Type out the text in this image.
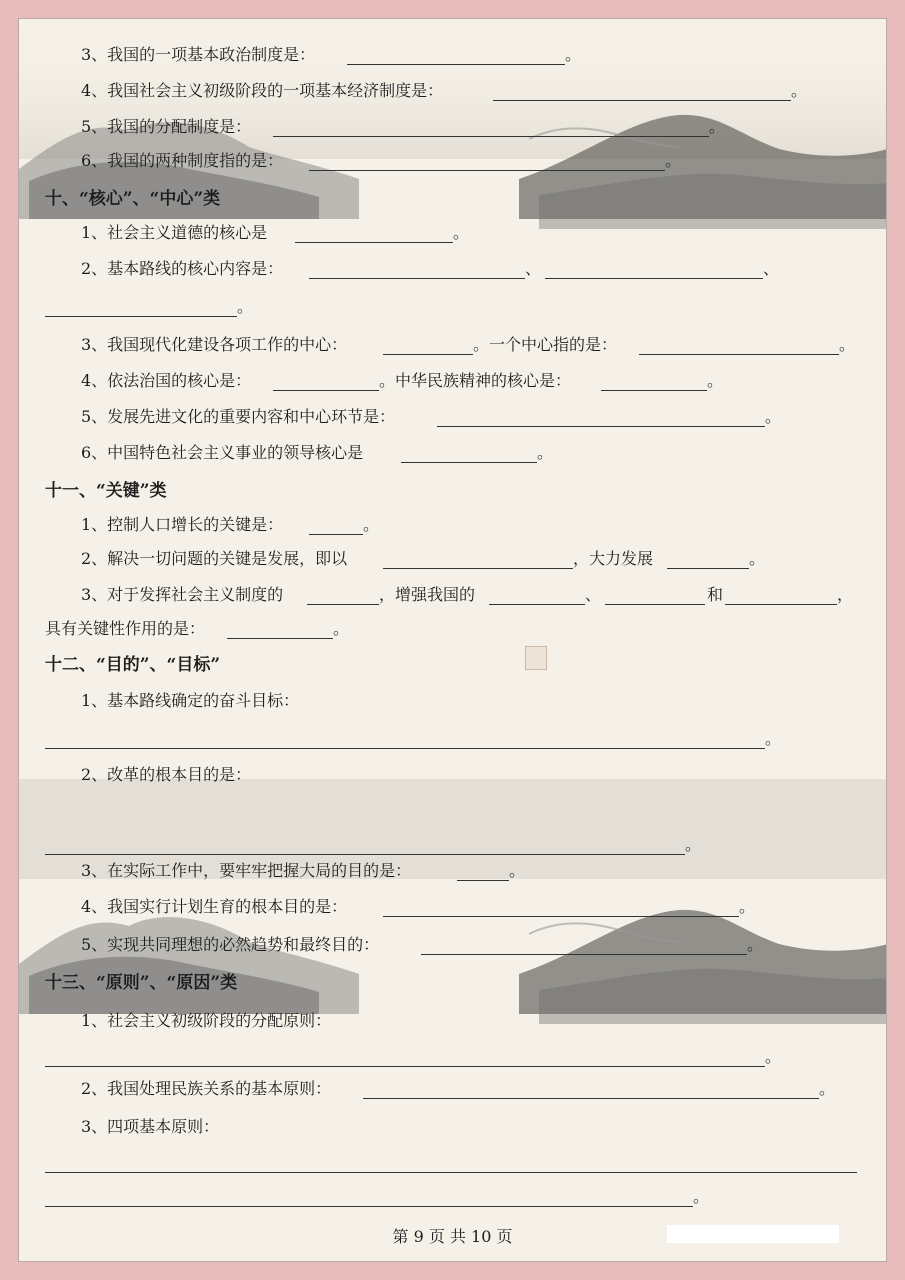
3、我国的一项基本政治制度是：	。
4、我国社会主义初级阶段的一项基本经济制度是：	。
5、我国的分配制度是：	。
6、我国的两种制度指的是：	。
十、“核心”、“中心”类
1、社会主义道德的核心是	。
2、基本路线的核心内容是：	、	、
。
3、我国现代化建设各项工作的中心：	。一个中心指的是：	。
4、依法治国的核心是：	。中华民族精神的核心是：	。
5、发展先进文化的重要内容和中心环节是：	。
6、中国特色社会主义事业的领导核心是	。
十一、“关键”类
1、控制人口增长的关键是：	。
2、解决一切问题的关键是发展，即以	，大力发展	。
3、对于发挥社会主义制度的	，增强我国的	、	和	，
具有关键性作用的是：	。
十二、“目的”、“目标”
1、基本路线确定的奋斗目标：
。
2、改革的根本目的是：
。
3、在实际工作中，要牢牢把握大局的目的是：	。
4、我国实行计划生育的根本目的是：	。
5、实现共同理想的必然趋势和最终目的：	。
十三、“原则”、“原因”类
1、社会主义初级阶段的分配原则：
。
2、我国处理民族关系的基本原则：	。
3、四项基本原则：
。
第 9 页 共 10 页
